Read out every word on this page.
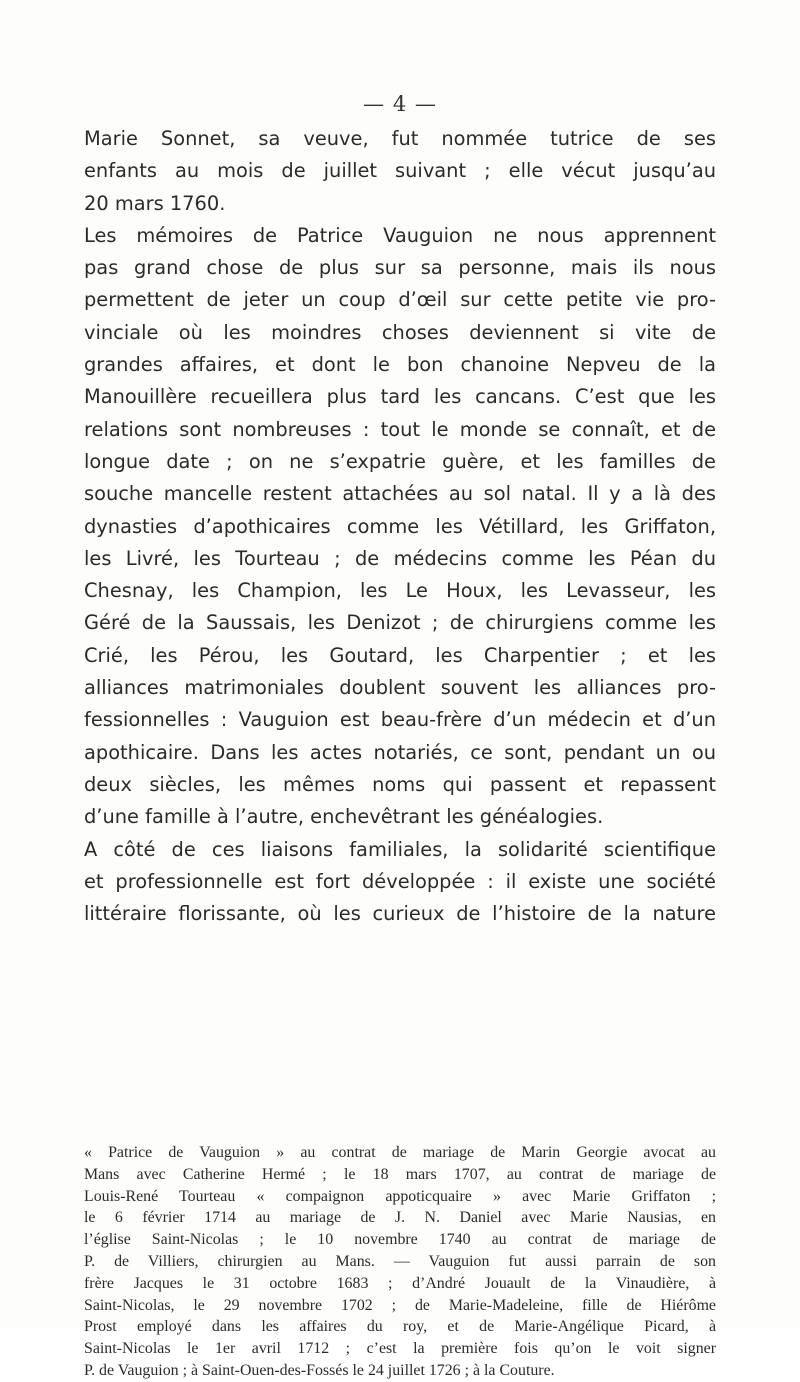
— 4 —
Marie Sonnet, sa veuve, fut nommée tutrice de ses
enfants au mois de juillet suivant ; elle vécut jusqu’au
20 mars 1760.
Les mémoires de Patrice Vauguion ne nous apprennent
pas grand chose de plus sur sa personne, mais ils nous
permettent de jeter un coup d’œil sur cette petite vie pro-
vinciale où les moindres choses deviennent si vite de
grandes affaires, et dont le bon chanoine Nepveu de la
Manouillère recueillera plus tard les cancans. C’est que les
relations sont nombreuses : tout le monde se connaît, et de
longue date ; on ne s’expatrie guère, et les familles de
souche mancelle restent attachées au sol natal. Il y a là des
dynasties d’apothicaires comme les Vétillard, les Griffaton,
les Livré, les Tourteau ; de médecins comme les Péan du
Chesnay, les Champion, les Le Houx, les Levasseur, les
Géré de la Saussais, les Denizot ; de chirurgiens comme les
Crié, les Pérou, les Goutard, les Charpentier ; et les
alliances matrimoniales doublent souvent les alliances pro-
fessionnelles : Vauguion est beau-frère d’un médecin et d’un
apothicaire. Dans les actes notariés, ce sont, pendant un ou
deux siècles, les mêmes noms qui passent et repassent
d’une famille à l’autre, enchevêtrant les généalogies.
A côté de ces liaisons familiales, la solidarité scientifique
et professionnelle est fort développée : il existe une société
littéraire florissante, où les curieux de l’histoire de la nature
« Patrice de Vauguion » au contrat de mariage de Marin Georgie avocat au
Mans avec Catherine Hermé ; le 18 mars 1707, au contrat de mariage de
Louis-René Tourteau « compaignon appoticquaire » avec Marie Griffaton ;
le 6 février 1714 au mariage de J. N. Daniel avec Marie Nausias, en
l’église Saint-Nicolas ; le 10 novembre 1740 au contrat de mariage de
P. de Villiers, chirurgien au Mans. — Vauguion fut aussi parrain de son
frère Jacques le 31 octobre 1683 ; d’André Jouault de la Vinaudière, à
Saint-Nicolas, le 29 novembre 1702 ; de Marie-Madeleine, fille de Hiérôme
Prost employé dans les affaires du roy, et de Marie-Angélique Picard, à
Saint-Nicolas le 1er avril 1712 ; c’est la première fois qu’on le voit signer
P. de Vauguion ; à Saint-Ouen-des-Fossés le 24 juillet 1726 ; à la Couture.
